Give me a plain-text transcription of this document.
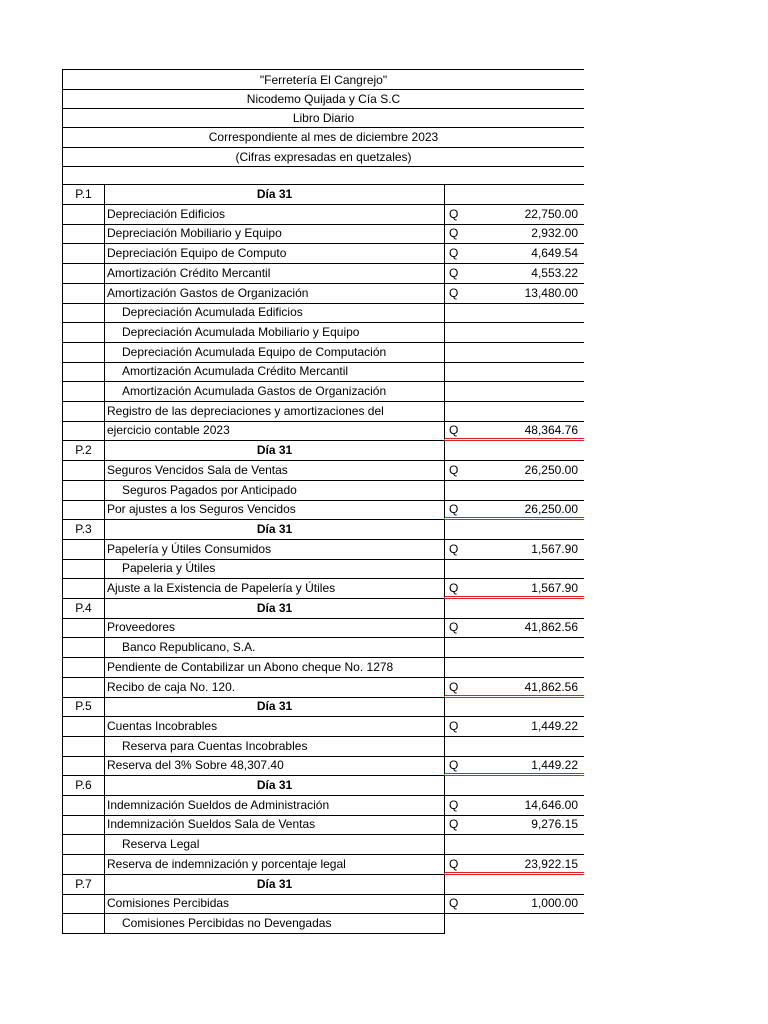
"Ferretería El Cangrejo"
Nicodemo Quijada y Cía S.C
Libro Diario
Correspondiente al mes de diciembre 2023
(Cifras expresadas en quetzales)
P.1	Día 31
Depreciación Edificios	Q	22,750.00
Depreciación Mobiliario y Equipo	Q	2,932.00
Depreciación Equipo de Computo	Q	4,649.54
Amortización Crédito Mercantil	Q	4,553.22
Amortización Gastos de Organización	Q	13,480.00
Depreciación Acumulada Edificios
Depreciación Acumulada Mobiliario y Equipo
Depreciación Acumulada Equipo de Computación
Amortización Acumulada Crédito Mercantil
Amortización Acumulada Gastos de Organización
Registro de las depreciaciones y amortizaciones del
ejercicio contable 2023	Q	48,364.76
P.2	Día 31
Seguros Vencidos Sala de Ventas	Q	26,250.00
Seguros Pagados por Anticipado
Por ajustes a los Seguros Vencidos	Q	26,250.00
P.3	Día 31
Papelería y Útiles Consumidos	Q	1,567.90
Papeleria y Útiles
Ajuste a la Existencia de Papelería y Útiles	Q	1,567.90
P.4	Día 31
Proveedores	Q	41,862.56
Banco Republicano, S.A.
Pendiente de Contabilizar un Abono cheque No. 1278
Recibo de caja No. 120.	Q	41,862.56
P.5	Día 31
Cuentas Incobrables	Q	1,449.22
Reserva para Cuentas Incobrables
Reserva del 3% Sobre 48,307.40	Q	1,449.22
P.6	Día 31
Indemnización Sueldos de Administración	Q	14,646.00
Indemnización Sueldos Sala de Ventas	Q	9,276.15
Reserva Legal
Reserva de indemnización y porcentaje legal	Q	23,922.15
P.7	Día 31
Comisiones Percibidas	Q	1,000.00
Comisiones Percibidas no Devengadas
